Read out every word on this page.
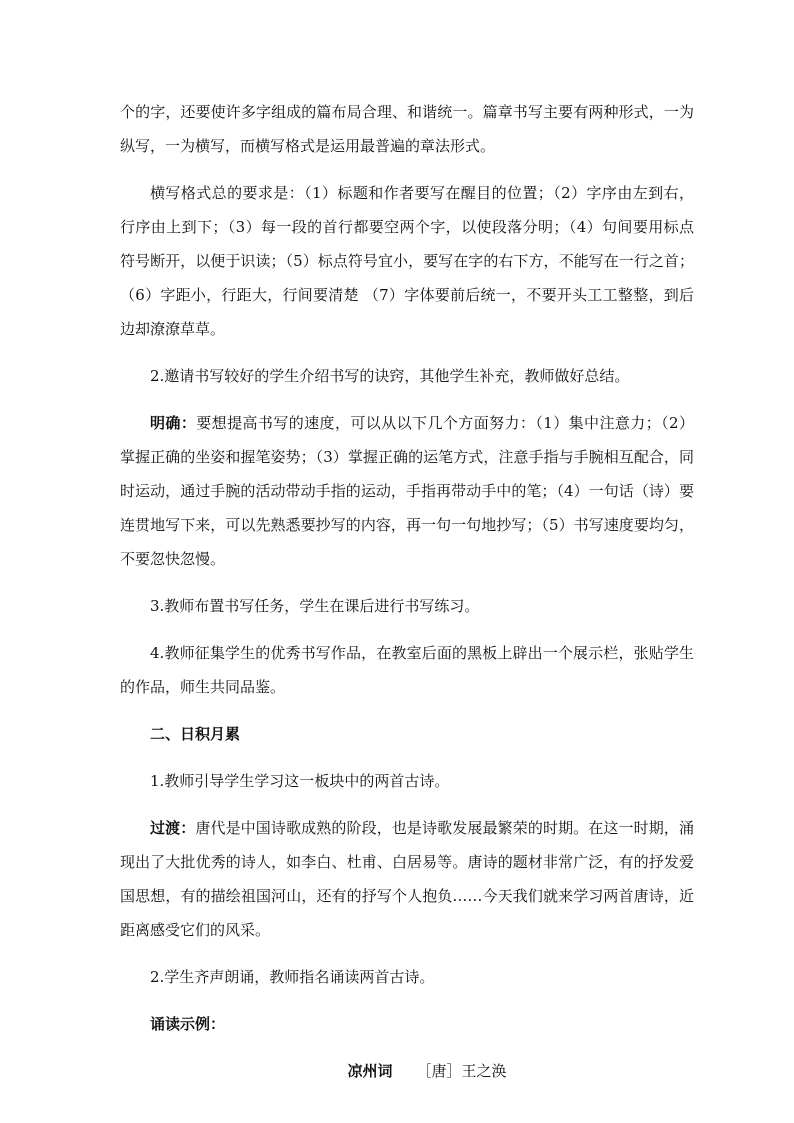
个的字，还要使许多字组成的篇布局合理、和谐统一。篇章书写主要有两种形式，一为纵写，一为横写，而横写格式是运用最普遍的章法形式。

横写格式总的要求是：（1）标题和作者要写在醒目的位置；（2）字序由左到右，行序由上到下；（3）每一段的首行都要空两个字，以使段落分明；（4）句间要用标点符号断开，以便于识读；（5）标点符号宜小，要写在字的右下方，不能写在一行之首；（6）字距小，行距大，行间要清楚 （7）字体要前后统一，不要开头工工整整，到后边却潦潦草草。

2.邀请书写较好的学生介绍书写的诀窍，其他学生补充，教师做好总结。

明确：要想提高书写的速度，可以从以下几个方面努力：（1）集中注意力；（2）掌握正确的坐姿和握笔姿势；（3）掌握正确的运笔方式，注意手指与手腕相互配合，同时运动，通过手腕的活动带动手指的运动，手指再带动手中的笔；（4）一句话（诗）要连贯地写下来，可以先熟悉要抄写的内容，再一句一句地抄写；（5）书写速度要均匀，不要忽快忽慢。

3.教师布置书写任务，学生在课后进行书写练习。

4.教师征集学生的优秀书写作品，在教室后面的黑板上辟出一个展示栏，张贴学生的作品，师生共同品鉴。

二、日积月累

1.教师引导学生学习这一板块中的两首古诗。

过渡：唐代是中国诗歌成熟的阶段，也是诗歌发展最繁荣的时期。在这一时期，涌现出了大批优秀的诗人，如李白、杜甫、白居易等。唐诗的题材非常广泛，有的抒发爱国思想，有的描绘祖国河山，还有的抒写个人抱负……今天我们就来学习两首唐诗，近距离感受它们的风采。

2.学生齐声朗诵，教师指名诵读两首古诗。

诵读示例：

凉州词 ［唐］王之涣
